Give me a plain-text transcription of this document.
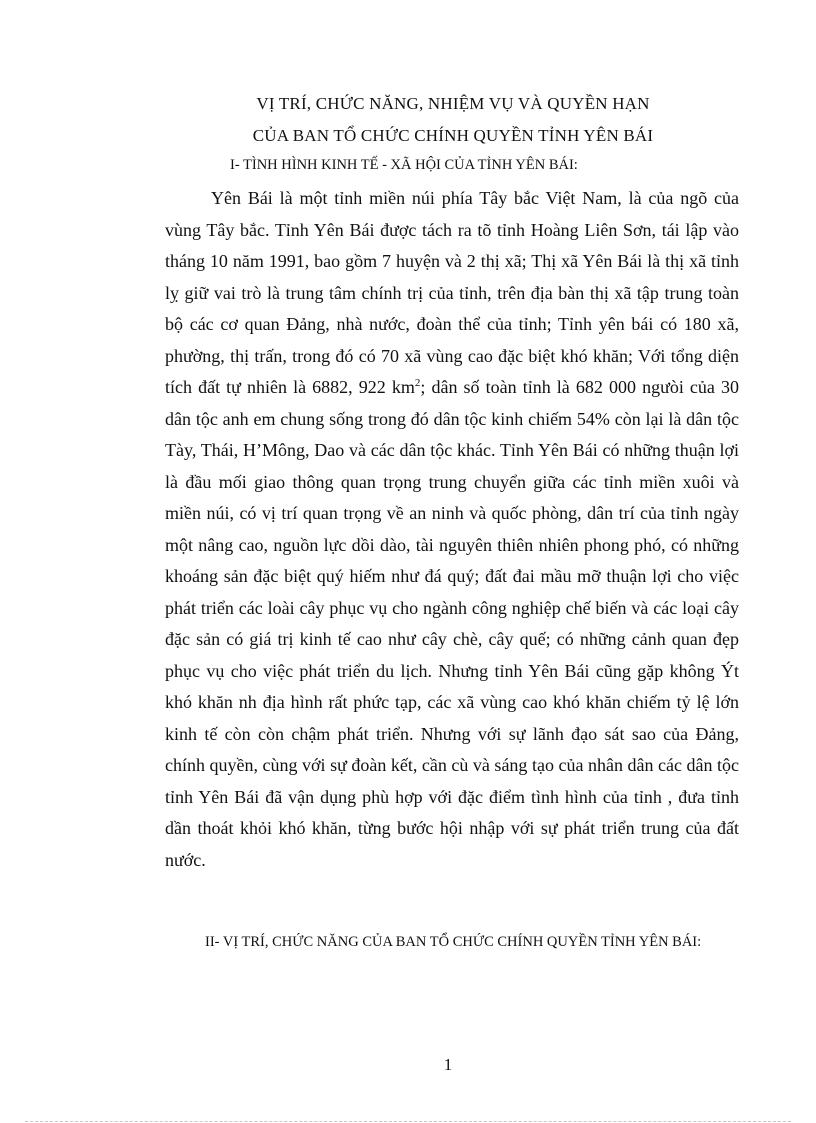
VỊ TRÍ, CHỨC NĂNG, NHIỆM VỤ VÀ QUYỀN HẠN
CỦA BAN TỔ CHỨC CHÍNH QUYỀN TỈNH YÊN BÁI
I- TÌNH HÌNH KINH TẾ - XÃ HỘI CỦA TỈNH YÊN BÁI:

Yên Bái là một tỉnh miền núi phía Tây bắc Việt Nam, là của ngõ của vùng Tây bắc. Tỉnh Yên Bái được tách ra tõ tỉnh Hoàng Liên Sơn, tái lập vào tháng 10 năm 1991, bao gồm 7 huyện và 2 thị xã; Thị xã Yên Bái là thị xã tỉnh lỵ giữ vai trò là trung tâm chính trị của tỉnh, trên địa bàn thị xã tập trung toàn bộ các cơ quan Đảng, nhà nước, đoàn thể của tỉnh; Tỉnh yên bái có 180 xã, phường, thị trấn, trong đó có 70 xã vùng cao đặc biệt khó khăn; Với tổng diện tích đất tự nhiên là 6882, 922 $km^2$; dân số toàn tỉnh là 682 000 ngưòi của 30 dân tộc anh em chung sống trong đó dân tộc kinh chiếm 54% còn lại là dân tộc Tày, Thái, H’Mông, Dao và các dân tộc khác. Tỉnh Yên Bái có những thuận lợi là đầu mối giao thông quan trọng trung chuyển giữa các tỉnh miền xuôi và miền núi, có vị trí quan trọng về an ninh và quốc phòng, dân trí của tỉnh ngày một nâng cao, nguồn lực dồi dào, tài nguyên thiên nhiên phong phó, có những khoáng sản đặc biệt quý hiếm như đá quý; đất đai mầu mỡ thuận lợi cho việc phát triển các loài cây phục vụ cho ngành công nghiệp chế biến và các loại cây đặc sản có giá trị kinh tế cao như cây chè, cây quế; có những cảnh quan đẹp phục vụ cho việc phát triển du lịch. Nhưng tỉnh Yên Bái cũng gặp không Ýt khó khăn nh địa hình rất phức tạp, các xã vùng cao khó khăn chiếm tỷ lệ lớn kinh tế còn còn chậm phát triển. Nhưng với sự lãnh đạo sát sao của Đảng, chính quyền, cùng với sự đoàn kết, cần cù và sáng tạo của nhân dân các dân tộc tỉnh Yên Bái đã vận dụng phù hợp với đặc điểm tình hình của tỉnh , đưa tỉnh dần thoát khỏi khó khăn, từng bước hội nhập với sự phát triển trung của đất nước.

II- VỊ TRÍ, CHỨC NĂNG CỦA BAN TỔ CHỨC CHÍNH QUYỀN TỈNH YÊN BÁI:

1
